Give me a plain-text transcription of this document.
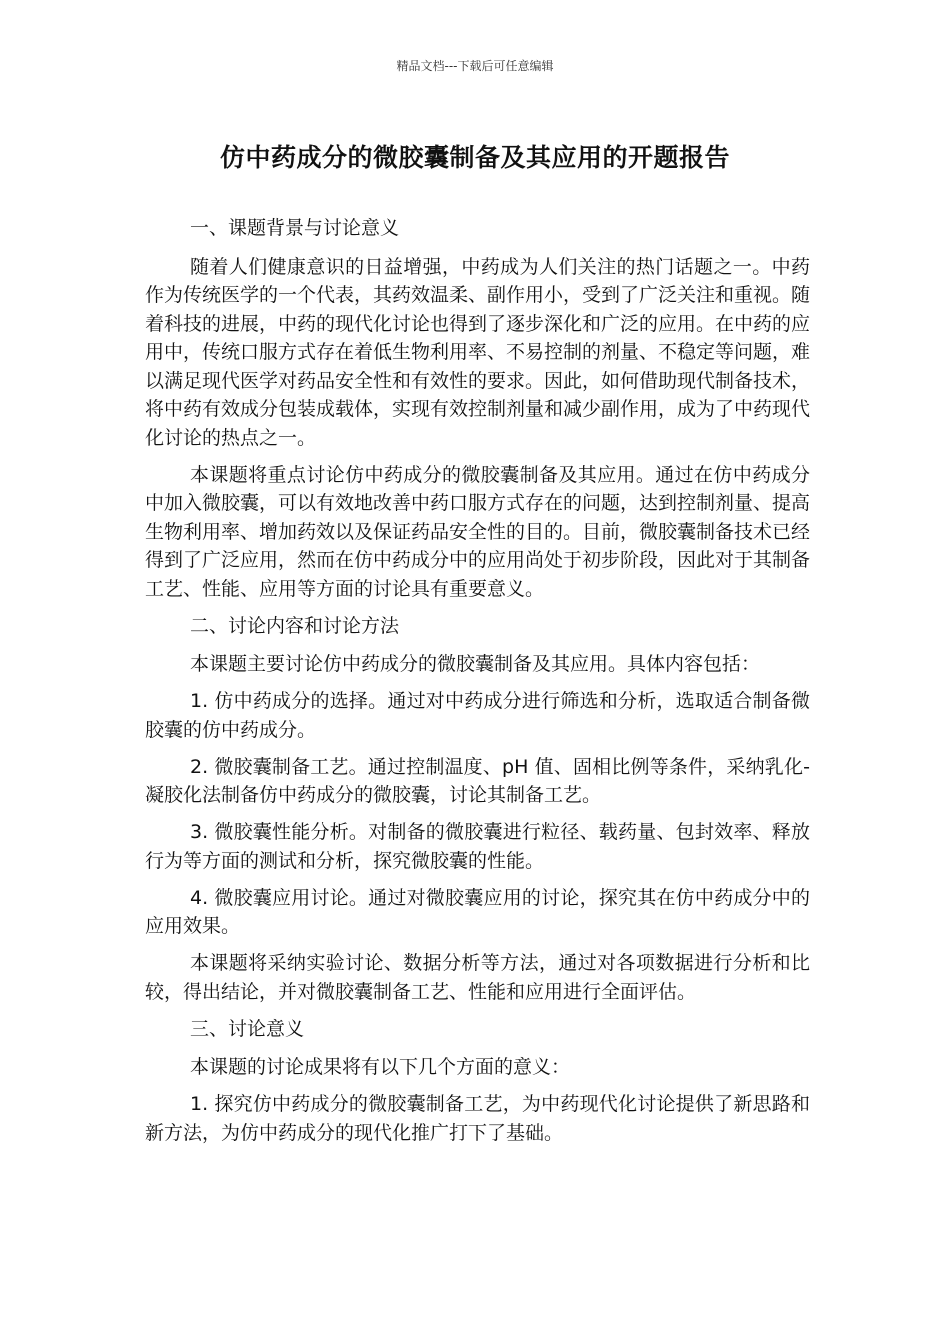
精品文档---下载后可任意编辑
仿中药成分的微胶囊制备及其应用的开题报告

一、课题背景与讨论意义

随着人们健康意识的日益增强，中药成为人们关注的热门话题之一。中药作为传统医学的一个代表，其药效温柔、副作用小，受到了广泛关注和重视。随着科技的进展，中药的现代化讨论也得到了逐步深化和广泛的应用。在中药的应用中，传统口服方式存在着低生物利用率、不易控制的剂量、不稳定等问题，难以满足现代医学对药品安全性和有效性的要求。因此，如何借助现代制备技术，将中药有效成分包装成载体，实现有效控制剂量和减少副作用，成为了中药现代化讨论的热点之一。

本课题将重点讨论仿中药成分的微胶囊制备及其应用。通过在仿中药成分中加入微胶囊，可以有效地改善中药口服方式存在的问题，达到控制剂量、提高生物利用率、增加药效以及保证药品安全性的目的。目前，微胶囊制备技术已经得到了广泛应用，然而在仿中药成分中的应用尚处于初步阶段，因此对于其制备工艺、性能、应用等方面的讨论具有重要意义。

二、讨论内容和讨论方法

本课题主要讨论仿中药成分的微胶囊制备及其应用。具体内容包括：

1. 仿中药成分的选择。通过对中药成分进行筛选和分析，选取适合制备微胶囊的仿中药成分。

2. 微胶囊制备工艺。通过控制温度、pH 值、固相比例等条件，采纳乳化-凝胶化法制备仿中药成分的微胶囊，讨论其制备工艺。

3. 微胶囊性能分析。对制备的微胶囊进行粒径、载药量、包封效率、释放行为等方面的测试和分析，探究微胶囊的性能。

4. 微胶囊应用讨论。通过对微胶囊应用的讨论，探究其在仿中药成分中的应用效果。

本课题将采纳实验讨论、数据分析等方法，通过对各项数据进行分析和比较，得出结论，并对微胶囊制备工艺、性能和应用进行全面评估。

三、讨论意义

本课题的讨论成果将有以下几个方面的意义：

1. 探究仿中药成分的微胶囊制备工艺，为中药现代化讨论提供了新思路和新方法，为仿中药成分的现代化推广打下了基础。
